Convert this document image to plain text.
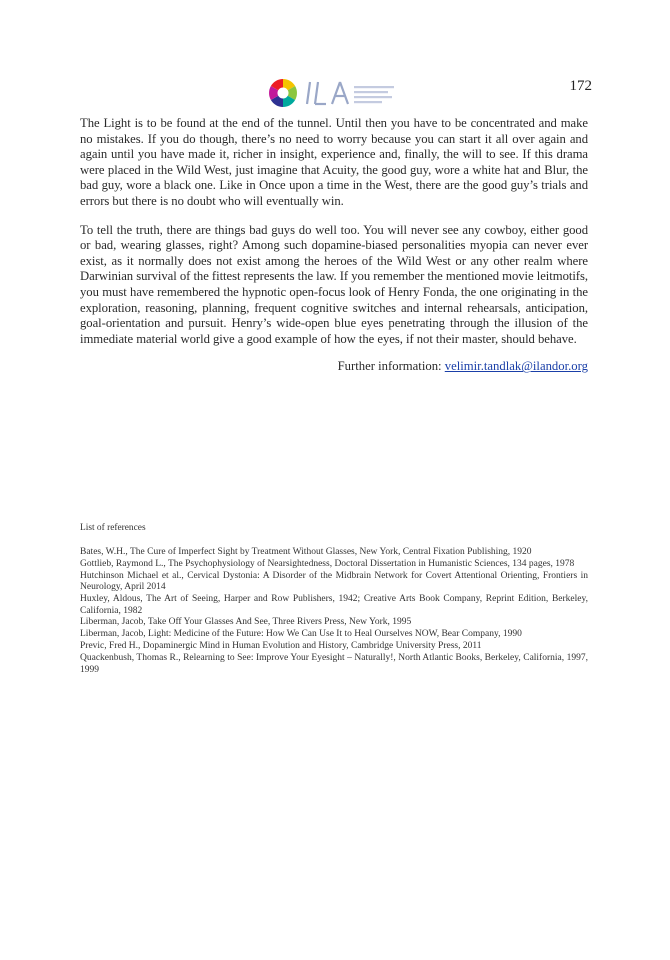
172

The Light is to be found at the end of the tunnel. Until then you have to be concentrated and make no mistakes. If you do though, there’s no need to worry because you can start it all over again and again until you have made it, richer in insight, experience and, finally, the will to see. If this drama were placed in the Wild West, just imagine that Acuity, the good guy, wore a white hat and Blur, the bad guy, wore a black one. Like in Once upon a time in the West, there are the good guy’s trials and errors but there is no doubt who will eventually win.

To tell the truth, there are things bad guys do well too. You will never see any cowboy, either good or bad, wearing glasses, right? Among such dopamine-biased personalities myopia can never ever exist, as it normally does not exist among the heroes of the Wild West or any other realm where Darwinian survival of the fittest represents the law. If you remember the mentioned movie leitmotifs, you must have remembered the hypnotic open-focus look of Henry Fonda, the one originating in the exploration, reasoning, planning, frequent cognitive switches and internal rehearsals, anticipation, goal-orientation and pursuit. Henry’s wide-open blue eyes penetrating through the illusion of the immediate material world give a good example of how the eyes, if not their master, should behave.

Further information: velimir.tandlak@ilandor.org
List of references
Bates, W.H., The Cure of Imperfect Sight by Treatment Without Glasses, New York, Central Fixation Publishing, 1920
Gottlieb, Raymond L., The Psychophysiology of Nearsightedness, Doctoral Dissertation in Humanistic Sciences, 134 pages, 1978
Hutchinson Michael et al., Cervical Dystonia: A Disorder of the Midbrain Network for Covert Attentional Orienting, Frontiers in Neurology, April 2014
Huxley, Aldous, The Art of Seeing, Harper and Row Publishers, 1942; Creative Arts Book Company, Reprint Edition, Berkeley, California, 1982
Liberman, Jacob, Take Off Your Glasses And See, Three Rivers Press, New York, 1995
Liberman, Jacob, Light: Medicine of the Future: How We Can Use It to Heal Ourselves NOW, Bear Company, 1990
Previc, Fred H., Dopaminergic Mind in Human Evolution and History, Cambridge University Press, 2011
Quackenbush, Thomas R., Relearning to See: Improve Your Eyesight – Naturally!, North Atlantic Books, Berkeley, California, 1997, 1999
